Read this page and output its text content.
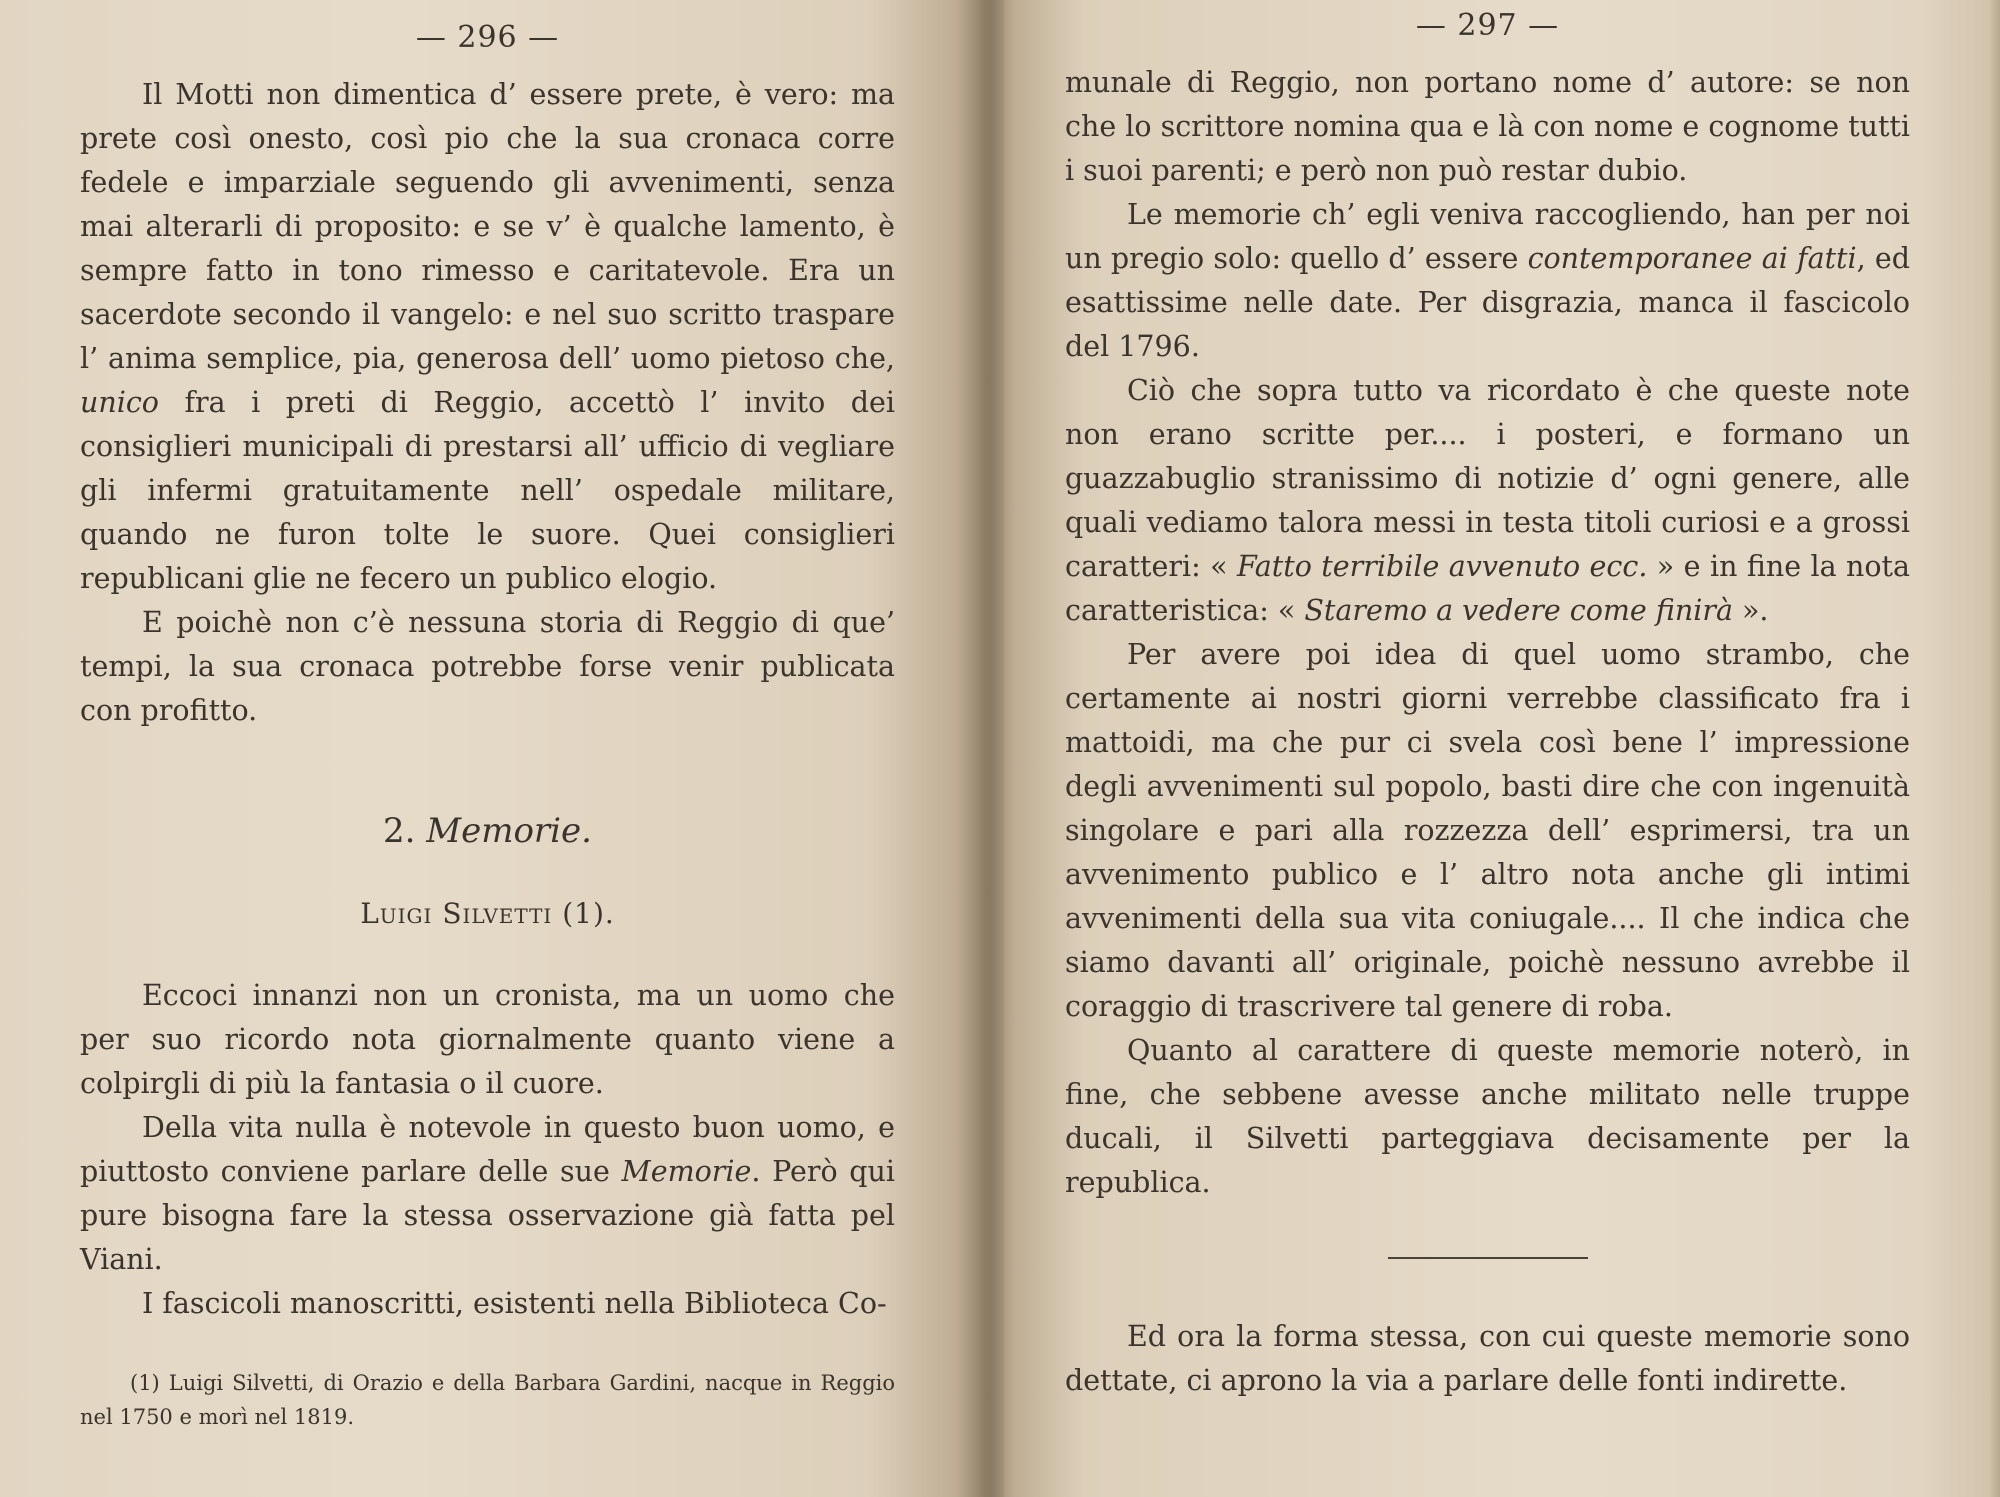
— 296 —

Il Motti non dimentica d’ essere prete, è vero: ma prete così onesto, così pio che la sua cronaca corre fedele e imparziale seguendo gli avvenimenti, senza mai alterarli di proposito: e se v’ è qualche lamento, è sempre fatto in tono rimesso e caritatevole. Era un sacerdote secondo il vangelo: e nel suo scritto traspare l’ anima semplice, pia, generosa dell’ uomo pietoso che, unico fra i preti di Reggio, accettò l’ invito dei consiglieri municipali di prestarsi all’ ufficio di vegliare gli infermi gratuitamente nell’ ospedale militare, quando ne furon tolte le suore. Quei consiglieri republicani glie ne fecero un publico elogio.

E poichè non c’è nessuna storia di Reggio di que’ tempi, la sua cronaca potrebbe forse venir publicata con profitto.

2. Memorie.
Luigi Silvetti (1).

Eccoci innanzi non un cronista, ma un uomo che per suo ricordo nota giornalmente quanto viene a colpirgli di più la fantasia o il cuore.

Della vita nulla è notevole in questo buon uomo, e piuttosto conviene parlare delle sue Memorie. Però qui pure bisogna fare la stessa osservazione già fatta pel Viani.

I fascicoli manoscritti, esistenti nella Biblioteca Co-

(1) Luigi Silvetti, di Orazio e della Barbara Gardini, nacque in Reggio nel 1750 e morì nel 1819.

— 297 —

munale di Reggio, non portano nome d’ autore: se non che lo scrittore nomina qua e là con nome e cognome tutti i suoi parenti; e però non può restar dubio.

Le memorie ch’ egli veniva raccogliendo, han per noi un pregio solo: quello d’ essere contemporanee ai fatti, ed esattissime nelle date. Per disgrazia, manca il fascicolo del 1796.

Ciò che sopra tutto va ricordato è che queste note non erano scritte per.... i posteri, e formano un guazzabuglio stranissimo di notizie d’ ogni genere, alle quali vediamo talora messi in testa titoli curiosi e a grossi caratteri: « Fatto terribile avvenuto ecc. » e in fine la nota caratteristica: « Staremo a vedere come finirà ».

Per avere poi idea di quel uomo strambo, che certamente ai nostri giorni verrebbe classificato fra i mattoidi, ma che pur ci svela così bene l’ impressione degli avvenimenti sul popolo, basti dire che con ingenuità singolare e pari alla rozzezza dell’ esprimersi, tra un avvenimento publico e l’ altro nota anche gli intimi avvenimenti della sua vita coniugale.... Il che indica che siamo davanti all’ originale, poichè nessuno avrebbe il coraggio di trascrivere tal genere di roba.

Quanto al carattere di queste memorie noterò, in fine, che sebbene avesse anche militato nelle truppe ducali, il Silvetti parteggiava decisamente per la republica.

Ed ora la forma stessa, con cui queste memorie sono dettate, ci aprono la via a parlare delle fonti indirette.
